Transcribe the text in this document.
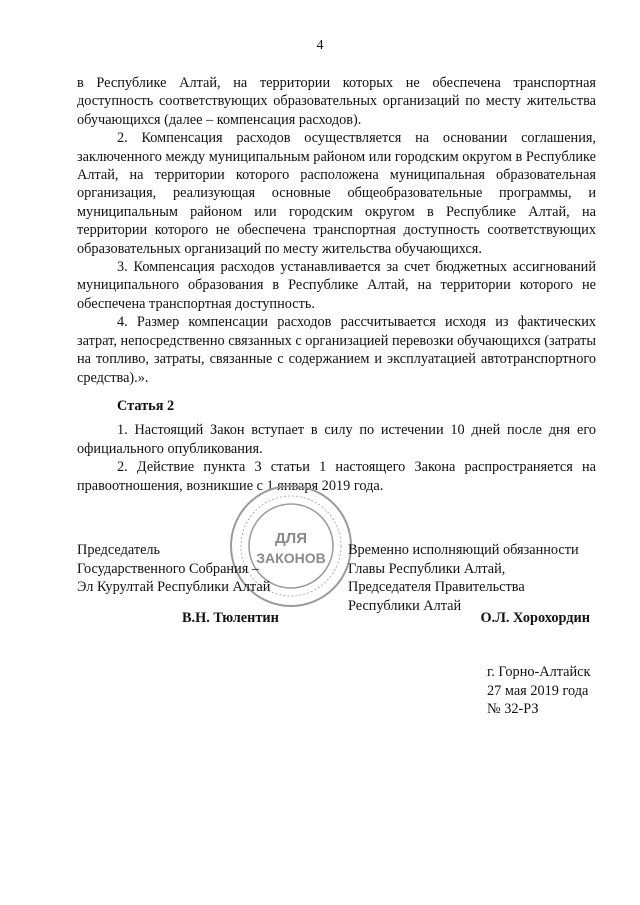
4

в Республике Алтай, на территории которых не обеспечена транспортная доступность соответствующих образовательных организаций по месту жительства обучающихся (далее – компенсация расходов).

2. Компенсация расходов осуществляется на основании соглашения, заключенного между муниципальным районом или городским округом в Республике Алтай, на территории которого расположена муниципальная образовательная организация, реализующая основные общеобразовательные программы, и муниципальным районом или городским округом в Республике Алтай, на территории которого не обеспечена транспортная доступность соответствующих образовательных организаций по месту жительства обучающихся.

3. Компенсация расходов устанавливается за счет бюджетных ассигнований муниципального образования в Республике Алтай, на территории которого не обеспечена транспортная доступность.

4. Размер компенсации расходов рассчитывается исходя из фактических затрат, непосредственно связанных с организацией перевозки обучающихся (затраты на топливо, затраты, связанные с содержанием и эксплуатацией автотранспортного средства).».

Статья 2

1. Настоящий Закон вступает в силу по истечении 10 дней после дня его официального опубликования.

2. Действие пункта 3 статьи 1 настоящего Закона распространяется на правоотношения, возникшие с 1 января 2019 года.

ДЛЯ
ЗАКОНОВ
Председатель
Государственного Собрания –
Эл Курултай Республики Алтай
Временно исполняющий обязанности
Главы Республики Алтай,
Председателя Правительства
Республики Алтай
В.Н. Тюлентин	О.Л. Хорохордин
г. Горно-Алтайск
27 мая 2019 года
№ 32-РЗ
